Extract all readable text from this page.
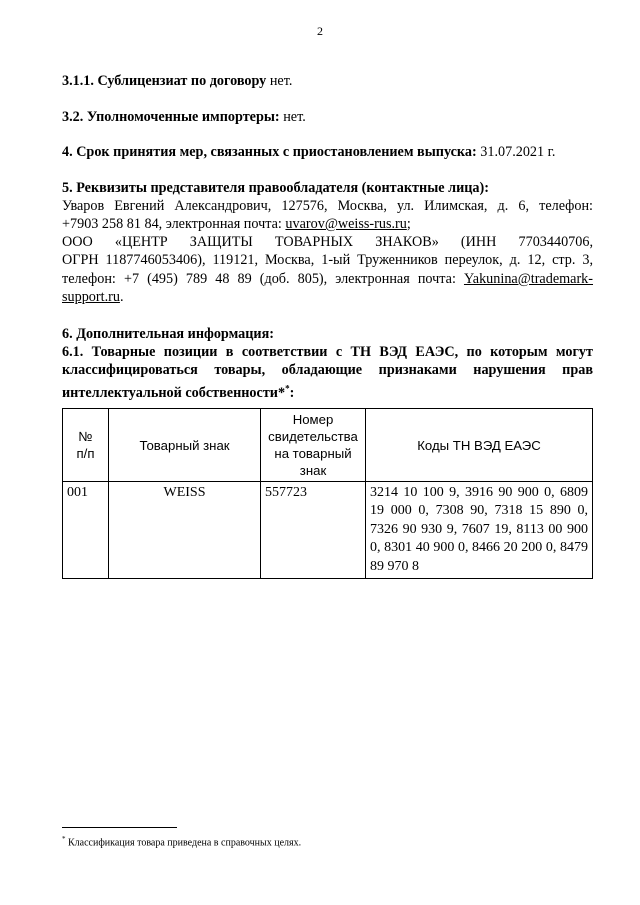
2

3.1.1. Сублицензиат по договору нет.

3.2. Уполномоченные импортеры: нет.

4. Срок принятия мер, связанных с приостановлением выпуска: 31.07.2021 г.

5. Реквизиты представителя правообладателя (контактные лица):

Уваров Евгений Александрович, 127576, Москва, ул. Илимская, д. 6, телефон:

+7903 258 81 84, электронная почта: uvarov@weiss-rus.ru;

ООО «ЦЕНТР ЗАЩИТЫ ТОВАРНЫХ ЗНАКОВ» (ИНН 7703440706,

ОГРН 1187746053406), 119121, Москва, 1-ый Труженников переулок, д. 12, стр. 3,

телефон: +7 (495) 789 48 89 (доб. 805), электронная почта: Yakunina@trademark-

support.ru.

6. Дополнительная информация:

6.1. Товарные позиции в соответствии с ТН ВЭД ЕАЭС, по которым могут

классифицироваться товары, обладающие признаками нарушения прав

интеллектуальной собственности**:

№ п/п	Товарный знак	Номер свидетельства на товарный знак	Коды ТН ВЭД ЕАЭС
001	WEISS	557723	3214 10 100 9, 3916 90 900 0, 6809 19 000 0, 7308 90, 7318 15 890 0, 7326 90 930 9, 7607 19, 8113 00 900 0, 8301 40 900 0, 8466 20 200 0, 8479 89 970 8
* Классификация товара приведена в справочных целях.
